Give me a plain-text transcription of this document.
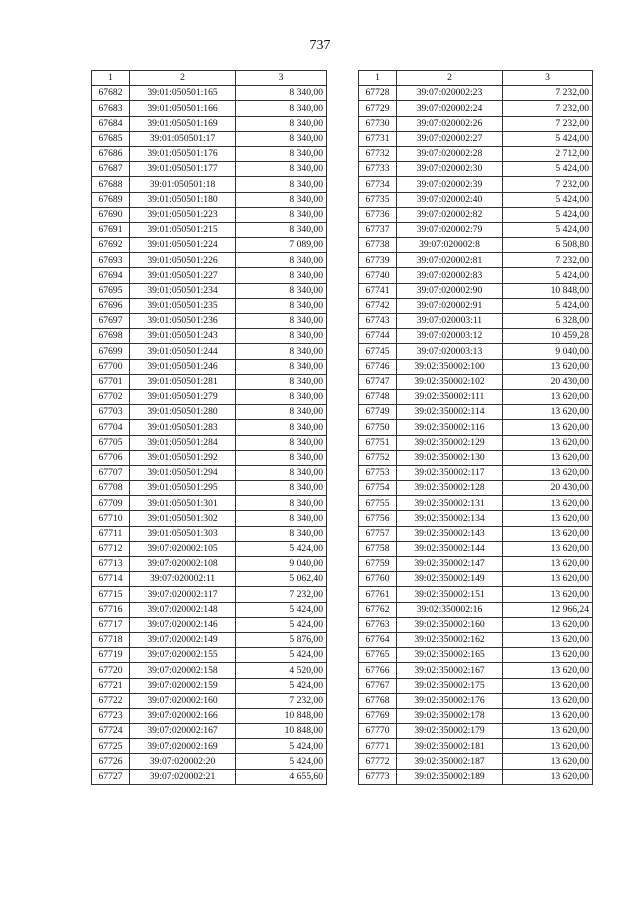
737
1	2	3
67682	39:01:050501:165	8 340,00
67683	39:01:050501:166	8 340,00
67684	39:01:050501:169	8 340,00
67685	39:01:050501:17	8 340,00
67686	39:01:050501:176	8 340,00
67687	39:01:050501:177	8 340,00
67688	39:01:050501:18	8 340,00
67689	39:01:050501:180	8 340,00
67690	39:01:050501:223	8 340,00
67691	39:01:050501:215	8 340,00
67692	39:01:050501:224	7 089,00
67693	39:01:050501:226	8 340,00
67694	39:01:050501:227	8 340,00
67695	39:01:050501:234	8 340,00
67696	39:01:050501:235	8 340,00
67697	39:01:050501:236	8 340,00
67698	39:01:050501:243	8 340,00
67699	39:01:050501:244	8 340,00
67700	39:01:050501:246	8 340,00
67701	39:01:050501:281	8 340,00
67702	39:01:050501:279	8 340,00
67703	39:01:050501:280	8 340,00
67704	39:01:050501:283	8 340,00
67705	39:01:050501:284	8 340,00
67706	39:01:050501:292	8 340,00
67707	39:01:050501:294	8 340,00
67708	39:01:050501:295	8 340,00
67709	39:01:050501:301	8 340,00
67710	39:01:050501:302	8 340,00
67711	39:01:050501:303	8 340,00
67712	39:07:020002:105	5 424,00
67713	39:07:020002:108	9 040,00
67714	39:07:020002:11	5 062,40
67715	39:07:020002:117	7 232,00
67716	39:07:020002:148	5 424,00
67717	39:07:020002:146	5 424,00
67718	39:07:020002:149	5 876,00
67719	39:07:020002:155	5 424,00
67720	39:07:020002:158	4 520,00
67721	39:07:020002:159	5 424,00
67722	39:07:020002:160	7 232,00
67723	39:07:020002:166	10 848,00
67724	39:07:020002:167	10 848,00
67725	39:07:020002:169	5 424,00
67726	39:07:020002:20	5 424,00
67727	39:07:020002:21	4 655,60
1	2	3
67728	39:07:020002:23	7 232,00
67729	39:07:020002:24	7 232,00
67730	39:07:020002:26	7 232,00
67731	39:07:020002:27	5 424,00
67732	39:07:020002:28	2 712,00
67733	39:07:020002:30	5 424,00
67734	39:07:020002:39	7 232,00
67735	39:07:020002:40	5 424,00
67736	39:07:020002:82	5 424,00
67737	39:07:020002:79	5 424,00
67738	39:07:020002:8	6 508,80
67739	39:07:020002:81	7 232,00
67740	39:07:020002:83	5 424,00
67741	39:07:020002:90	10 848,00
67742	39:07:020002:91	5 424,00
67743	39:07:020003:11	6 328,00
67744	39:07:020003:12	10 459,28
67745	39:07:020003:13	9 040,00
67746	39:02:350002:100	13 620,00
67747	39:02:350002:102	20 430,00
67748	39:02:350002:111	13 620,00
67749	39:02:350002:114	13 620,00
67750	39:02:350002:116	13 620,00
67751	39:02:350002:129	13 620,00
67752	39:02:350002:130	13 620,00
67753	39:02:350002:117	13 620,00
67754	39:02:350002:128	20 430,00
67755	39:02:350002:131	13 620,00
67756	39:02:350002:134	13 620,00
67757	39:02:350002:143	13 620,00
67758	39:02:350002:144	13 620,00
67759	39:02:350002:147	13 620,00
67760	39:02:350002:149	13 620,00
67761	39:02:350002:151	13 620,00
67762	39:02:350002:16	12 966,24
67763	39:02:350002:160	13 620,00
67764	39:02:350002:162	13 620,00
67765	39:02:350002:165	13 620,00
67766	39:02:350002:167	13 620,00
67767	39:02:350002:175	13 620,00
67768	39:02:350002:176	13 620,00
67769	39:02:350002:178	13 620,00
67770	39:02:350002:179	13 620,00
67771	39:02:350002:181	13 620,00
67772	39:02:350002:187	13 620,00
67773	39:02:350002:189	13 620,00
